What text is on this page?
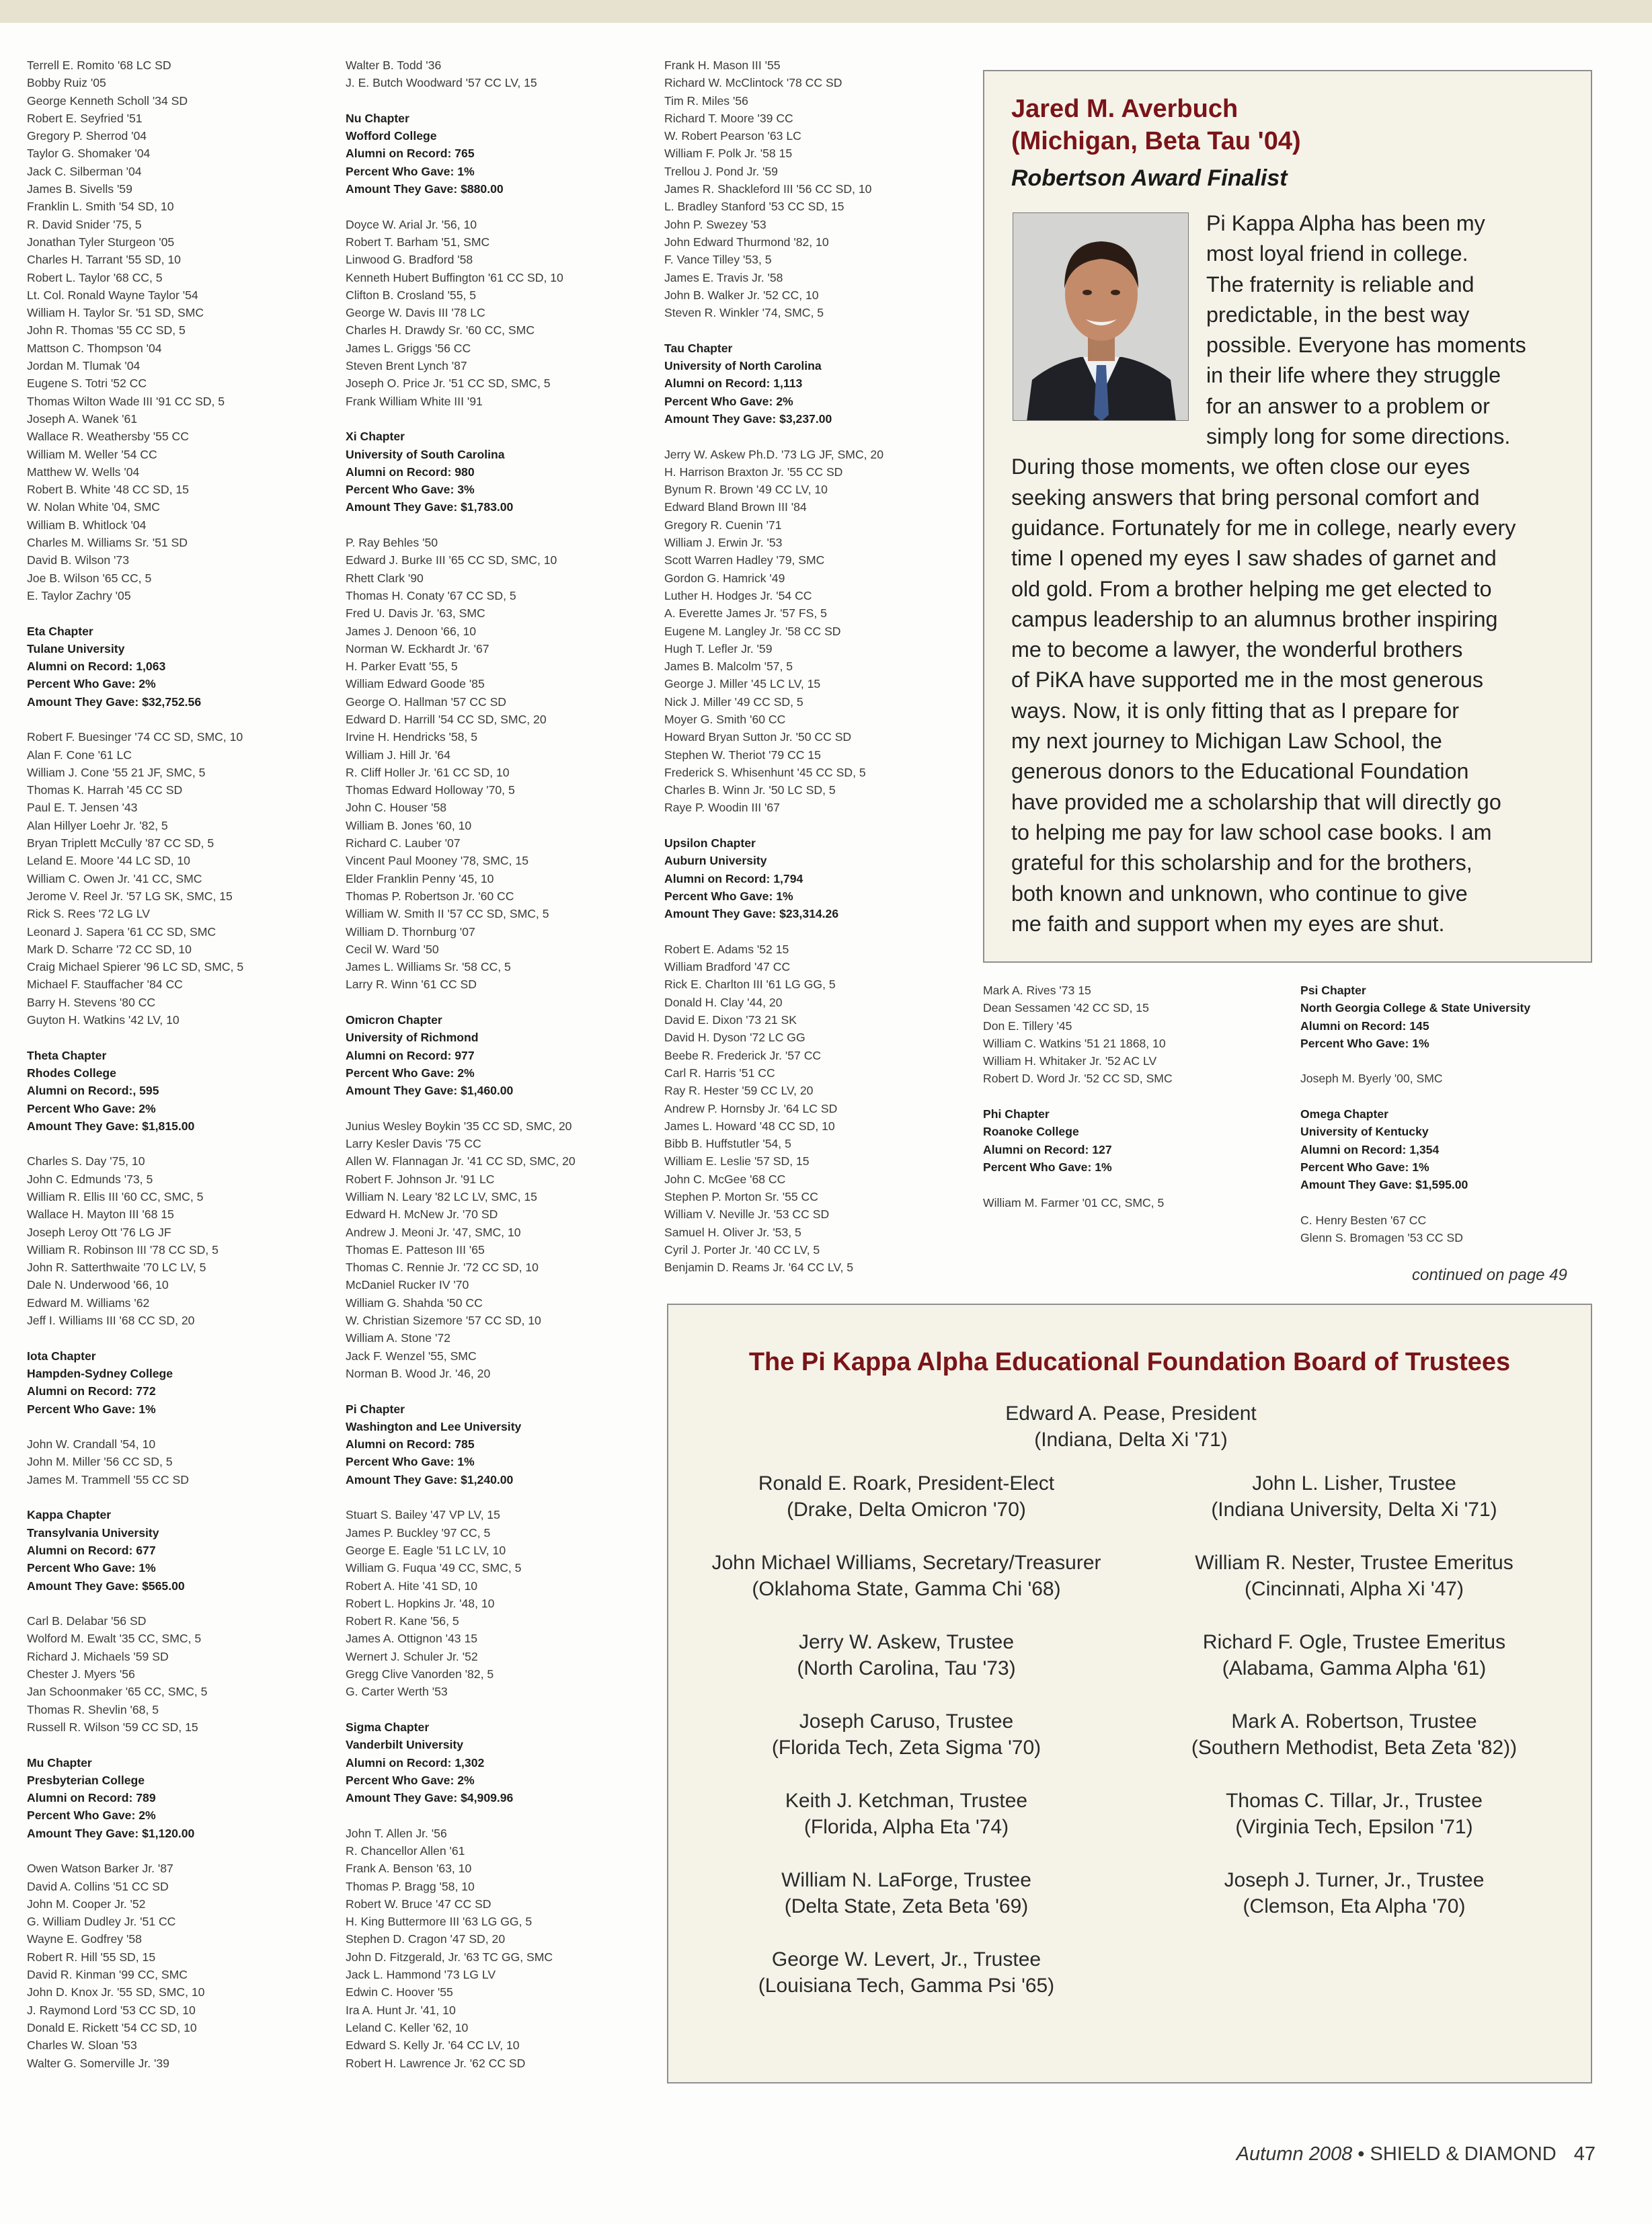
Terrell E. Romito '68 LC SD
Bobby Ruiz '05
George Kenneth Scholl '34 SD
Robert E. Seyfried '51
Gregory P. Sherrod '04
Taylor G. Shomaker '04
Jack C. Silberman '04
James B. Sivells '59
Franklin L. Smith '54 SD, 10
R. David Snider '75, 5
Jonathan Tyler Sturgeon '05
Charles H. Tarrant '55 SD, 10
Robert L. Taylor '68 CC, 5
Lt. Col. Ronald Wayne Taylor '54
William H. Taylor Sr. '51 SD, SMC
John R. Thomas '55 CC SD, 5
Mattson C. Thompson '04
Jordan M. Tlumak '04
Eugene S. Totri '52 CC
Thomas Wilton Wade III '91 CC SD, 5
Joseph A. Wanek '61
Wallace R. Weathersby '55 CC
William M. Weller '54 CC
Matthew W. Wells '04
Robert B. White '48 CC SD, 15
W. Nolan White '04, SMC
William B. Whitlock '04
Charles M. Williams Sr. '51 SD
David B. Wilson '73
Joe B. Wilson '65 CC, 5
E. Taylor Zachry '05
Eta Chapter
Tulane University
Alumni on Record: 1,063
Percent Who Gave: 2%
Amount They Gave: $32,752.56
Robert F. Buesinger '74 CC SD, SMC, 10
Alan F. Cone '61 LC
William J. Cone '55 21 JF, SMC, 5
Thomas K. Harrah '45 CC SD
Paul E. T. Jensen '43
Alan Hillyer Loehr Jr. '82, 5
Bryan Triplett McCully '87 CC SD, 5
Leland E. Moore '44 LC SD, 10
William C. Owen Jr. '41 CC, SMC
Jerome V. Reel Jr. '57 LG SK, SMC, 15
Rick S. Rees '72 LG LV
Leonard J. Sapera '61 CC SD, SMC
Mark D. Scharre '72 CC SD, 10
Craig Michael Spierer '96 LC SD, SMC, 5
Michael F. Stauffacher '84 CC
Barry H. Stevens '80 CC
Guyton H. Watkins '42 LV, 10
Theta Chapter
Rhodes College
Alumni on Record:, 595
Percent Who Gave: 2%
Amount They Gave: $1,815.00
Charles S. Day '75, 10
John C. Edmunds '73, 5
William R. Ellis III '60 CC, SMC, 5
Wallace H. Mayton III '68 15
Joseph Leroy Ott '76 LG JF
William R. Robinson III '78 CC SD, 5
John R. Satterthwaite '70 LC LV, 5
Dale N. Underwood '66, 10
Edward M. Williams '62
Jeff I. Williams III '68 CC SD, 20
Iota Chapter
Hampden-Sydney College
Alumni on Record: 772
Percent Who Gave: 1%
John W. Crandall '54, 10
John M. Miller '56 CC SD, 5
James M. Trammell '55 CC SD
Kappa Chapter
Transylvania University
Alumni on Record: 677
Percent Who Gave: 1%
Amount They Gave: $565.00
Carl B. Delabar '56 SD
Wolford M. Ewalt '35 CC, SMC, 5
Richard J. Michaels '59 SD
Chester J. Myers '56
Jan Schoonmaker '65 CC, SMC, 5
Thomas R. Shevlin '68, 5
Russell R. Wilson '59 CC SD, 15
Mu Chapter
Presbyterian College
Alumni on Record: 789
Percent Who Gave: 2%
Amount They Gave: $1,120.00
Owen Watson Barker Jr. '87
David A. Collins '51 CC SD
John M. Cooper Jr. '52
G. William Dudley Jr. '51 CC
Wayne E. Godfrey '58
Robert R. Hill '55 SD, 15
David R. Kinman '99 CC, SMC
John D. Knox Jr. '55 SD, SMC, 10
J. Raymond Lord '53 CC SD, 10
Donald E. Rickett '54 CC SD, 10
Charles W. Sloan '53
Walter G. Somerville Jr. '39
Walter B. Todd '36
J. E. Butch Woodward '57 CC LV, 15
Nu Chapter
Wofford College
Alumni on Record: 765
Percent Who Gave: 1%
Amount They Gave: $880.00
Doyce W. Arial Jr. '56, 10
Robert T. Barham '51, SMC
Linwood G. Bradford '58
Kenneth Hubert Buffington '61 CC SD, 10
Clifton B. Crosland '55, 5
George W. Davis III '78 LC
Charles H. Drawdy Sr. '60 CC, SMC
James L. Griggs '56 CC
Steven Brent Lynch '87
Joseph O. Price Jr. '51 CC SD, SMC, 5
Frank William White III '91
Xi Chapter
University of South Carolina
Alumni on Record: 980
Percent Who Gave: 3%
Amount They Gave: $1,783.00
P. Ray Behles '50
Edward J. Burke III '65 CC SD, SMC, 10
Rhett Clark '90
Thomas H. Conaty '67 CC SD, 5
Fred U. Davis Jr. '63, SMC
James J. Denoon '66, 10
Norman W. Eckhardt Jr. '67
H. Parker Evatt '55, 5
William Edward Goode '85
George O. Hallman '57 CC SD
Edward D. Harrill '54 CC SD, SMC, 20
Irvine H. Hendricks '58, 5
William J. Hill Jr. '64
R. Cliff Holler Jr. '61 CC SD, 10
Thomas Edward Holloway '70, 5
John C. Houser '58
William B. Jones '60, 10
Richard C. Lauber '07
Vincent Paul Mooney '78, SMC, 15
Elder Franklin Penny '45, 10
Thomas P. Robertson Jr. '60 CC
William W. Smith II '57 CC SD, SMC, 5
William D. Thornburg '07
Cecil W. Ward '50
James L. Williams Sr. '58 CC, 5
Larry R. Winn '61 CC SD
Omicron Chapter
University of Richmond
Alumni on Record: 977
Percent Who Gave: 2%
Amount They Gave: $1,460.00
Junius Wesley Boykin '35 CC SD, SMC, 20
Larry Kesler Davis '75 CC
Allen W. Flannagan Jr. '41 CC SD, SMC, 20
Robert F. Johnson Jr. '91 LC
William N. Leary '82 LC LV, SMC, 15
Edward H. McNew Jr. '70 SD
Andrew J. Meoni Jr. '47, SMC, 10
Thomas E. Patteson III '65
Thomas C. Rennie Jr. '72 CC SD, 10
McDaniel Rucker IV '70
William G. Shahda '50 CC
W. Christian Sizemore '57 CC SD, 10
William A. Stone '72
Jack F. Wenzel '55, SMC
Norman B. Wood Jr. '46, 20
Pi Chapter
Washington and Lee University
Alumni on Record: 785
Percent Who Gave: 1%
Amount They Gave: $1,240.00
Stuart S. Bailey '47 VP LV, 15
James P. Buckley '97 CC, 5
George E. Eagle '51 LC LV, 10
William G. Fuqua '49 CC, SMC, 5
Robert A. Hite '41 SD, 10
Robert L. Hopkins Jr. '48, 10
Robert R. Kane '56, 5
James A. Ottignon '43 15
Wernert J. Schuler Jr. '52
Gregg Clive Vanorden '82, 5
G. Carter Werth '53
Sigma Chapter
Vanderbilt University
Alumni on Record: 1,302
Percent Who Gave: 2%
Amount They Gave: $4,909.96
John T. Allen Jr. '56
R. Chancellor Allen '61
Frank A. Benson '63, 10
Thomas P. Bragg '58, 10
Robert W. Bruce '47 CC SD
H. King Buttermore III '63 LG GG, 5
Stephen D. Cragon '47 SD, 20
John D. Fitzgerald, Jr. '63 TC GG, SMC
Jack L. Hammond '73 LG LV
Edwin C. Hoover '55
Ira A. Hunt Jr. '41, 10
Leland C. Keller '62, 10
Edward S. Kelly Jr. '64 CC LV, 10
Robert H. Lawrence Jr. '62 CC SD
Frank H. Mason III '55
Richard W. McClintock '78 CC SD
Tim R. Miles '56
Richard T. Moore '39 CC
W. Robert Pearson '63 LC
William F. Polk Jr. '58 15
Trellou J. Pond Jr. '59
James R. Shackleford III '56 CC SD, 10
L. Bradley Stanford '53 CC SD, 15
John P. Swezey '53
John Edward Thurmond '82, 10
F. Vance Tilley '53, 5
James E. Travis Jr. '58
John B. Walker Jr. '52 CC, 10
Steven R. Winkler '74, SMC, 5
Tau Chapter
University of North Carolina
Alumni on Record: 1,113
Percent Who Gave: 2%
Amount They Gave: $3,237.00
Jerry W. Askew Ph.D. '73 LG JF, SMC, 20
H. Harrison Braxton Jr. '55 CC SD
Bynum R. Brown '49 CC LV, 10
Edward Bland Brown III '84
Gregory R. Cuenin '71
William J. Erwin Jr. '53
Scott Warren Hadley '79, SMC
Gordon G. Hamrick '49
Luther H. Hodges Jr. '54 CC
A. Everette James Jr. '57 FS, 5
Eugene M. Langley Jr. '58 CC SD
Hugh T. Lefler Jr. '59
James B. Malcolm '57, 5
George J. Miller '45 LC LV, 15
Nick J. Miller '49 CC SD, 5
Moyer G. Smith '60 CC
Howard Bryan Sutton Jr. '50 CC SD
Stephen W. Theriot '79 CC 15
Frederick S. Whisenhunt '45 CC SD, 5
Charles B. Winn Jr. '50 LC SD, 5
Raye P. Woodin III '67
Upsilon Chapter
Auburn University
Alumni on Record: 1,794
Percent Who Gave: 1%
Amount They Gave: $23,314.26
Robert E. Adams '52 15
William Bradford '47 CC
Rick E. Charlton III '61 LG GG, 5
Donald H. Clay '44, 20
David E. Dixon '73 21 SK
David H. Dyson '72 LC GG
Beebe R. Frederick Jr. '57 CC
Carl R. Harris '51 CC
Ray R. Hester '59 CC LV, 20
Andrew P. Hornsby Jr. '64 LC SD
James L. Howard '48 CC SD, 10
Bibb B. Huffstutler '54, 5
William E. Leslie '57 SD, 15
John C. McGee '68 CC
Stephen P. Morton Sr. '55 CC
William V. Neville Jr. '53 CC SD
Samuel H. Oliver Jr. '53, 5
Cyril J. Porter Jr. '40 CC LV, 5
Benjamin D. Reams Jr. '64 CC LV, 5
Jared M. Averbuch
(Michigan, Beta Tau '04)
Robertson Award Finalist
Pi Kappa Alpha has been my
most loyal friend in college.
The fraternity is reliable and
predictable, in the best way
possible. Everyone has moments
in their life where they struggle
for an answer to a problem or
simply long for some directions.
During those moments, we often close our eyes
seeking answers that bring personal comfort and
guidance. Fortunately for me in college, nearly every
time I opened my eyes I saw shades of garnet and
old gold. From a brother helping me get elected to
campus leadership to an alumnus brother inspiring
me to become a lawyer, the wonderful brothers
of PiKA have supported me in the most generous
ways. Now, it is only fitting that as I prepare for
my next journey to Michigan Law School, the
generous donors to the Educational Foundation
have provided me a scholarship that will directly go
to helping me pay for law school case books. I am
grateful for this scholarship and for the brothers,
both known and unknown, who continue to give
me faith and support when my eyes are shut.
Mark A. Rives '73 15
Dean Sessamen '42 CC SD, 15
Don E. Tillery '45
William C. Watkins '51 21 1868, 10
William H. Whitaker Jr. '52 AC LV
Robert D. Word Jr. '52 CC SD, SMC
Phi Chapter
Roanoke College
Alumni on Record: 127
Percent Who Gave: 1%
William M. Farmer '01 CC, SMC, 5
Psi Chapter
North Georgia College & State University
Alumni on Record: 145
Percent Who Gave: 1%
Joseph M. Byerly '00, SMC
Omega Chapter
University of Kentucky
Alumni on Record: 1,354
Percent Who Gave: 1%
Amount They Gave: $1,595.00
C. Henry Besten '67 CC
Glenn S. Bromagen '53 CC SD
continued on page 49
The Pi Kappa Alpha Educational Foundation Board of Trustees
Edward A. Pease, President
(Indiana, Delta Xi '71)
Ronald E. Roark, President-Elect
(Drake, Delta Omicron '70)
John Michael Williams, Secretary/Treasurer
(Oklahoma State, Gamma Chi '68)
Jerry W. Askew, Trustee
(North Carolina, Tau '73)
Joseph Caruso, Trustee
(Florida Tech, Zeta Sigma '70)
Keith J. Ketchman, Trustee
(Florida, Alpha Eta '74)
William N. LaForge, Trustee
(Delta State, Zeta Beta '69)
George W. Levert, Jr., Trustee
(Louisiana Tech, Gamma Psi '65)
John L. Lisher, Trustee
(Indiana University, Delta Xi '71)
William R. Nester, Trustee Emeritus
(Cincinnati, Alpha Xi '47)
Richard F. Ogle, Trustee Emeritus
(Alabama, Gamma Alpha '61)
Mark A. Robertson, Trustee
(Southern Methodist, Beta Zeta '82))
Thomas C. Tillar, Jr., Trustee
(Virginia Tech, Epsilon '71)
Joseph J. Turner, Jr., Trustee
(Clemson, Eta Alpha '70)
Autumn 2008 • SHIELD & DIAMOND 47
